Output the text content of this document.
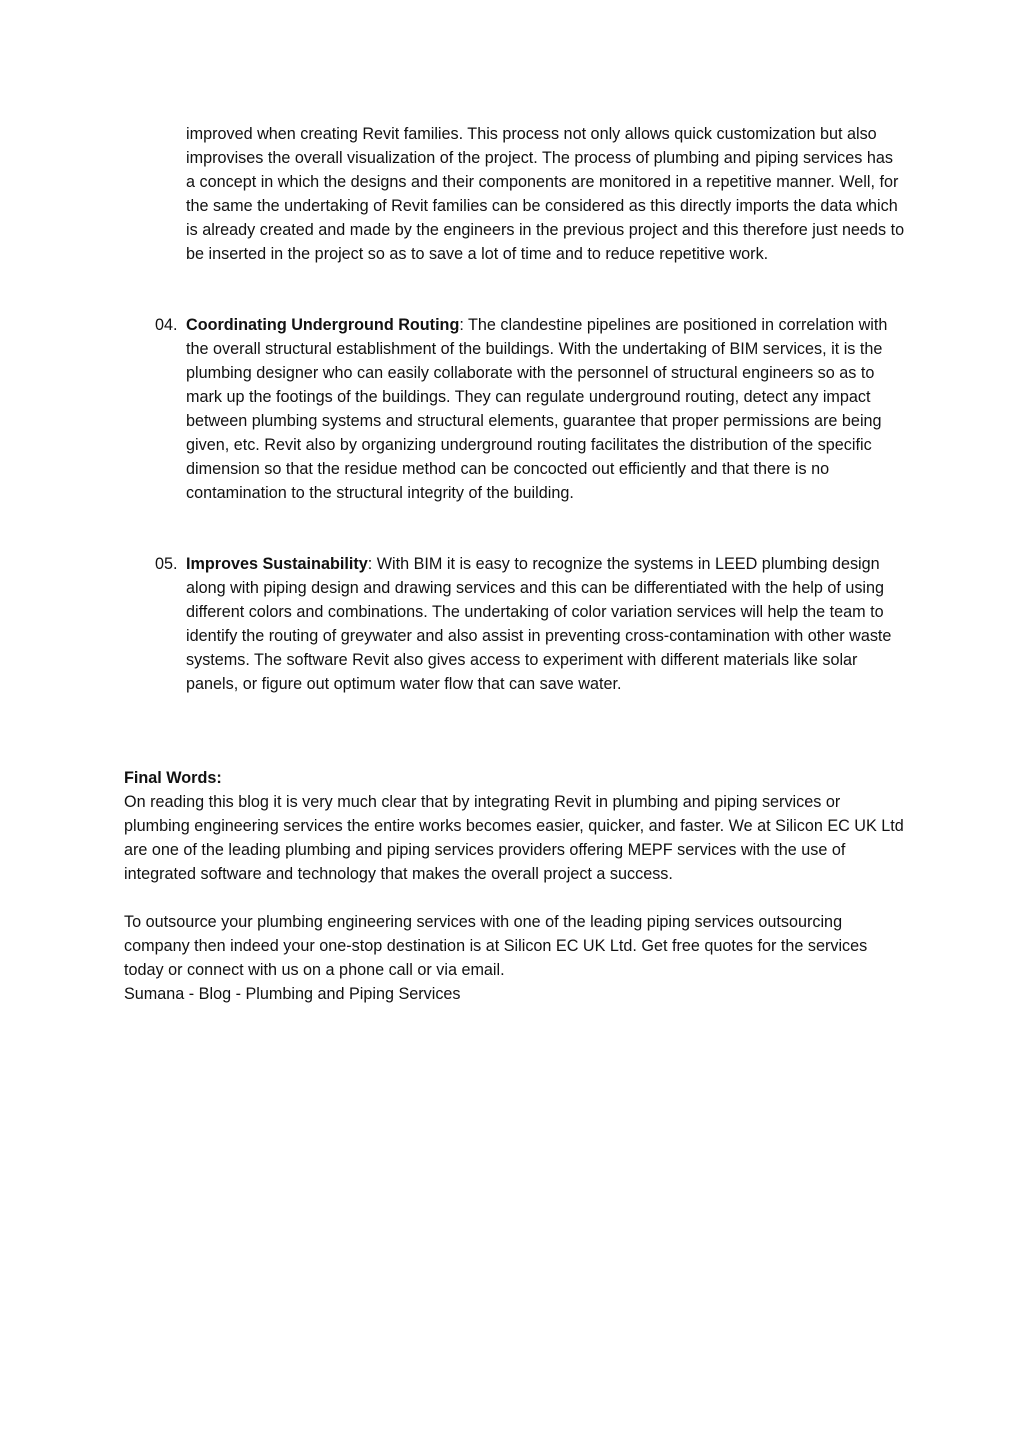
improved when creating Revit families. This process not only allows quick customization but also improvises the overall visualization of the project. The process of plumbing and piping services has a concept in which the designs and their components are monitored in a repetitive manner. Well, for the same the undertaking of Revit families can be considered as this directly imports the data which is already created and made by the engineers in the previous project and this therefore just needs to be inserted in the project so as to save a lot of time and to reduce repetitive work.

04. Coordinating Underground Routing: The clandestine pipelines are positioned in correlation with the overall structural establishment of the buildings. With the undertaking of BIM services, it is the plumbing designer who can easily collaborate with the personnel of structural engineers so as to mark up the footings of the buildings. They can regulate underground routing, detect any impact between plumbing systems and structural elements, guarantee that proper permissions are being given, etc. Revit also by organizing underground routing facilitates the distribution of the specific dimension so that the residue method can be concocted out efficiently and that there is no contamination to the structural integrity of the building.

05. Improves Sustainability: With BIM it is easy to recognize the systems in LEED plumbing design along with piping design and drawing services and this can be differentiated with the help of using different colors and combinations. The undertaking of color variation services will help the team to identify the routing of greywater and also assist in preventing cross-contamination with other waste systems. The software Revit also gives access to experiment with different materials like solar panels, or figure out optimum water flow that can save water.

Final Words:
On reading this blog it is very much clear that by integrating Revit in plumbing and piping services or plumbing engineering services the entire works becomes easier, quicker, and faster. We at Silicon EC UK Ltd are one of the leading plumbing and piping services providers offering MEPF services with the use of integrated software and technology that makes the overall project a success.

To outsource your plumbing engineering services with one of the leading piping services outsourcing company then indeed your one-stop destination is at Silicon EC UK Ltd. Get free quotes for the services today or connect with us on a phone call or via email.
Sumana - Blog - Plumbing and Piping Services
